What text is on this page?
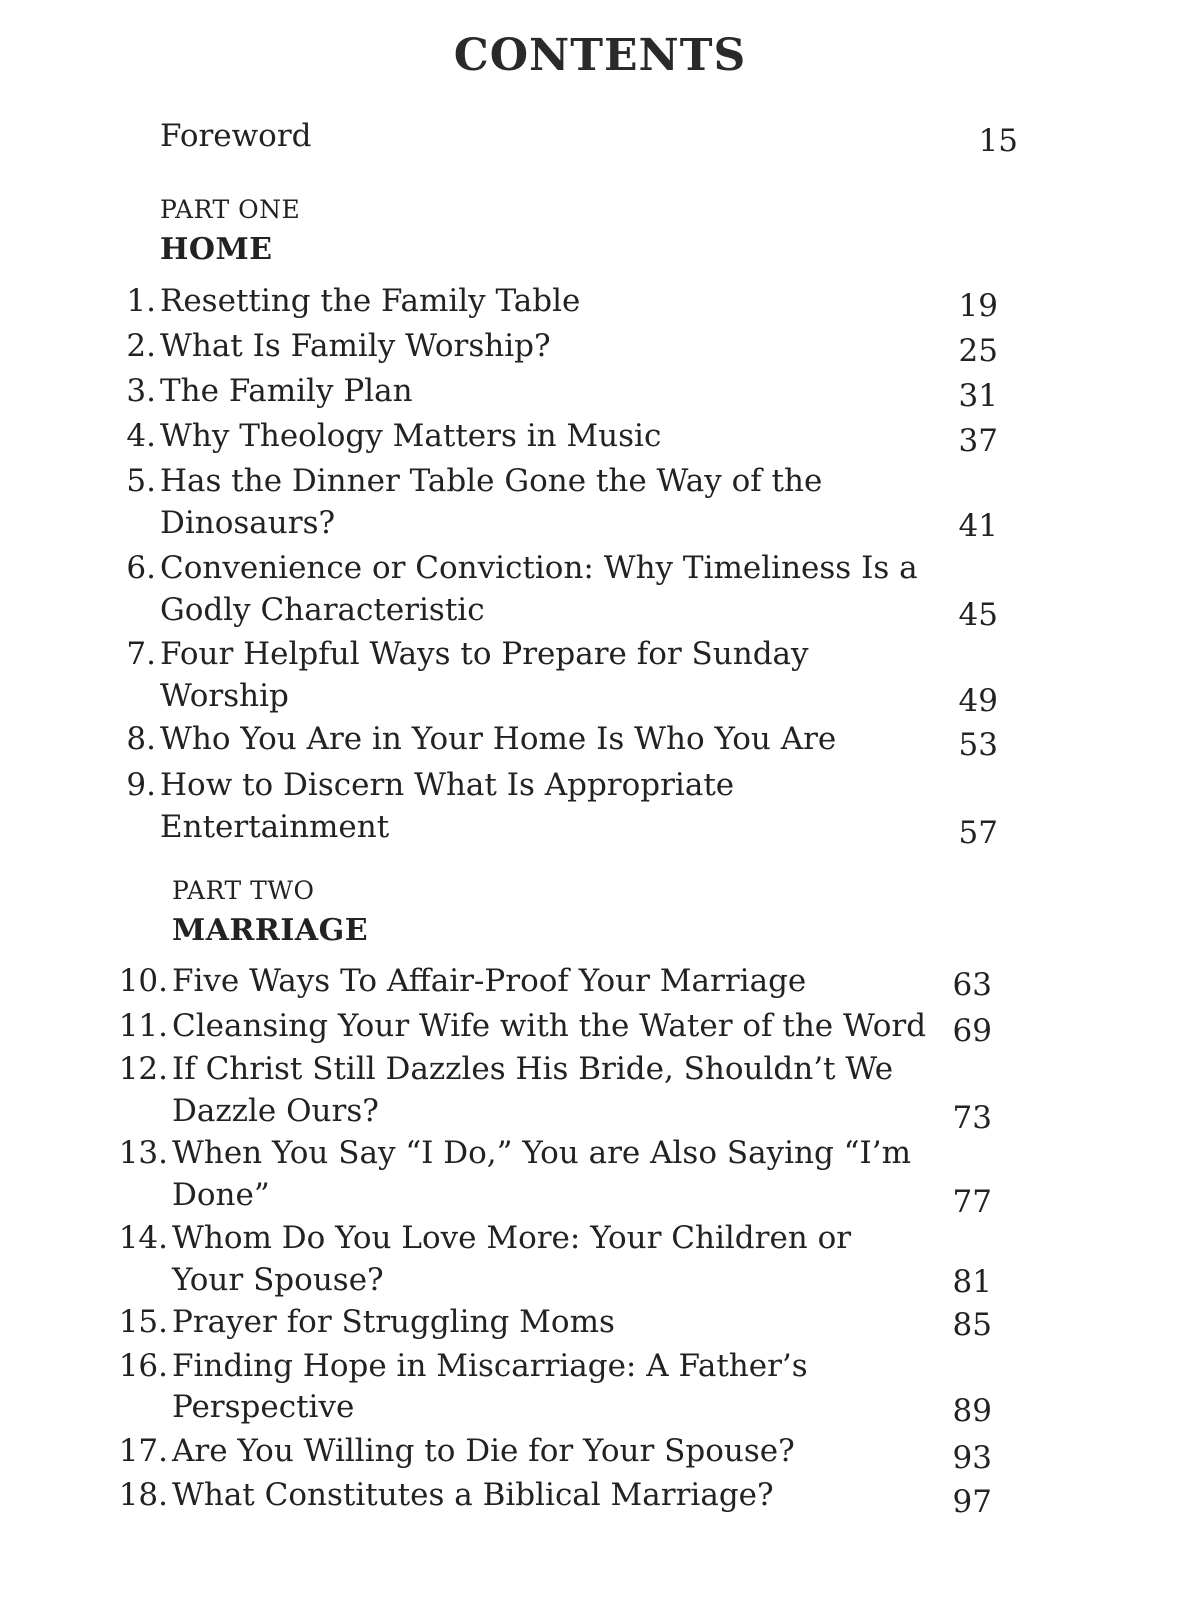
CONTENTS
Foreword	15
PART ONE
HOME
1. Resetting the Family Table	19
2. What Is Family Worship?	25
3. The Family Plan	31
4. Why Theology Matters in Music	37
5. Has the Dinner Table Gone the Way of the
Dinosaurs?	41
6. Convenience or Conviction: Why Timeliness Is a
Godly Characteristic	45
7. Four Helpful Ways to Prepare for Sunday
Worship	49
8. Who You Are in Your Home Is Who You Are	53
9. How to Discern What Is Appropriate
Entertainment	57
PART TWO
MARRIAGE
10. Five Ways To Affair-Proof Your Marriage	63
11. Cleansing Your Wife with the Water of the Word 69
12. If Christ Still Dazzles His Bride, Shouldn’t We
Dazzle Ours?	73
13. When You Say “I Do,” You are Also Saying “I’m
Done”	77
14. Whom Do You Love More: Your Children or
Your Spouse?	81
15. Prayer for Struggling Moms	85
16. Finding Hope in Miscarriage: A Father’s
Perspective	89
17. Are You Willing to Die for Your Spouse?	93
18. What Constitutes a Biblical Marriage?	97
